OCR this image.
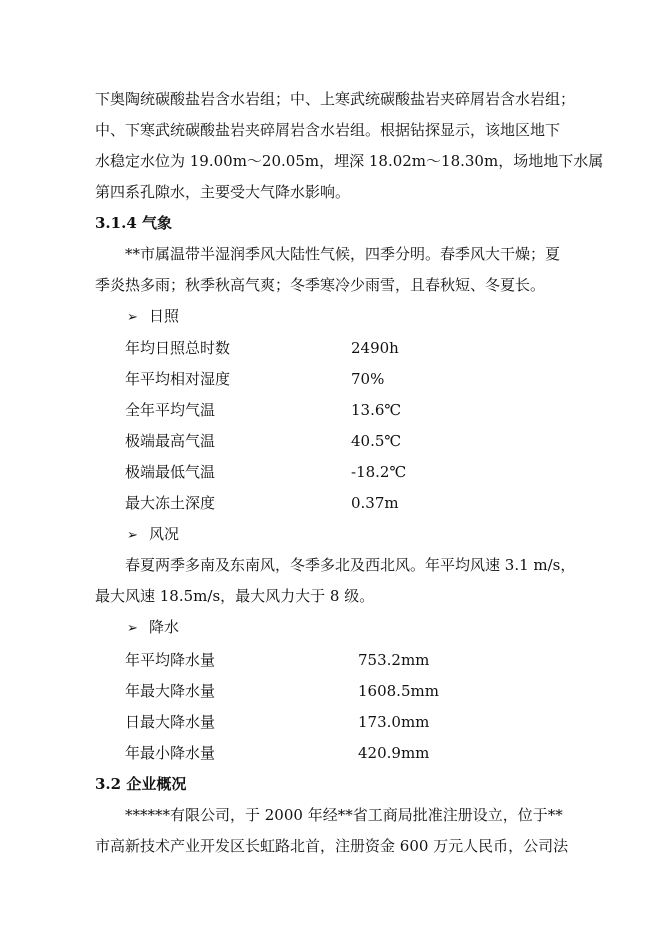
下奥陶统碳酸盐岩含水岩组；中、上寒武统碳酸盐岩夹碎屑岩含水岩组；
中、下寒武统碳酸盐岩夹碎屑岩含水岩组。根据钻探显示，该地区地下
水稳定水位为 19.00m～20.05m，埋深 18.02m～18.30m，场地地下水属
第四系孔隙水，主要受大气降水影响。
3.1.4 气象
**市属温带半湿润季风大陆性气候，四季分明。春季风大干燥；夏
季炎热多雨；秋季秋高气爽；冬季寒冷少雨雪，且春秋短、冬夏长。
➢ 日照
年均日照总时数	2490h
年平均相对湿度	70%
全年平均气温	13.6℃
极端最高气温	40.5℃
极端最低气温	-18.2℃
最大冻土深度	0.37m
➢ 风况
春夏两季多南及东南风，冬季多北及西北风。年平均风速 3.1 m/s，
最大风速 18.5m/s，最大风力大于 8 级。
➢ 降水
年平均降水量	753.2mm
年最大降水量	1608.5mm
日最大降水量	173.0mm
年最小降水量	420.9mm
3.2 企业概况
******有限公司，于 2000 年经**省工商局批准注册设立，位于**
市高新技术产业开发区长虹路北首，注册资金 600 万元人民币，公司法
